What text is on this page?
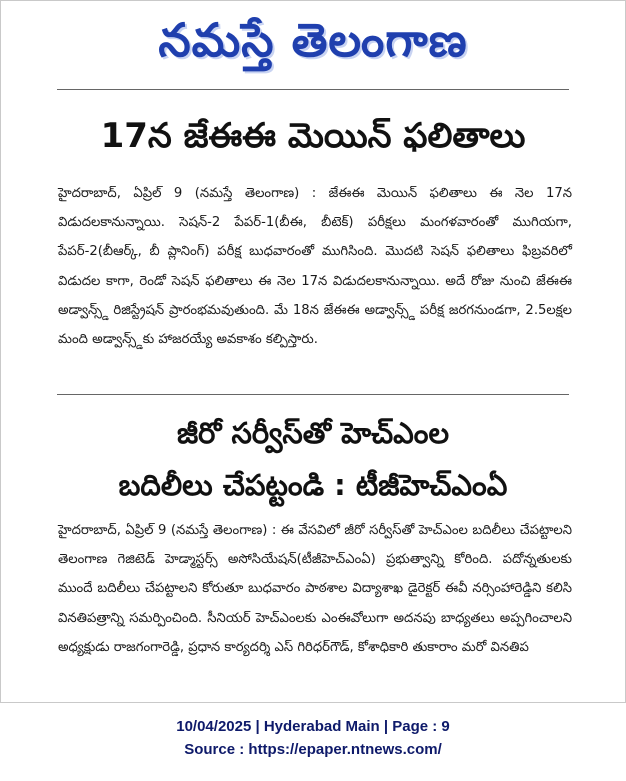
నమస్తే తెలంగాణ
17న జేఈఈ మెయిన్ ఫలితాలు
హైదరాబాద్, ఏప్రిల్ 9 (నమస్తే తెలంగాణ) : జేఈఈ మెయిన్ ఫలితాలు ఈ నెల 17న విడుదలకానున్నాయి. సెషన్-2 పేపర్-1(బీఈ, బీటెక్) పరీక్షలు మంగళవారంతో ముగియగా, పేపర్-2(బీఆర్క్, బీ ప్లానింగ్) పరీక్ష బుధవారంతో ముగిసింది. మొదటి సెషన్ ఫలితాలు ఫిబ్రవరిలో విడుదల కాగా, రెండో సెషన్ ఫలితాలు ఈ నెల 17న విడుదలకానున్నాయి. అదే రోజు నుంచి జేఈఈ అడ్వాన్స్డ్ రిజిస్ట్రేషన్ ప్రారంభమవుతుంది. మే 18న జేఈఈ అడ్వాన్స్డ్ పరీక్ష జరగనుండగా, 2.5లక్షల మంది అడ్వాన్స్డ్‌కు హాజరయ్యే అవకాశం కల్పిస్తారు.
జీరో సర్వీస్‌తో హెచ్ఎంల
బదిలీలు చేపట్టండి : టీజీహెచ్ఎంఏ
హైదరాబాద్, ఏప్రిల్ 9 (నమస్తే తెలంగాణ) : ఈ వేసవిలో జీరో సర్వీస్‌తో హెచ్ఎంల బదిలీలు చేపట్టాలని తెలంగాణ గెజిటెడ్ హెడ్మాస్టర్స్ అసోసియేషన్(టీజీహెచ్ఎంఏ) ప్రభుత్వాన్ని కోరింది. పదోన్నతులకు ముందే బదిలీలు చేపట్టాలని కోరుతూ బుధవారం పాఠశాల విద్యాశాఖ డైరెక్టర్ ఈవీ నర్సింహారెడ్డిని కలిసి వినతిపత్రాన్ని సమర్పించింది. సీనియర్ హెచ్ఎంలకు ఎంఈవోలుగా అదనపు బాధ్యతలు అప్పగించాలని అధ్యక్షుడు రాజగంగారెడ్డి, ప్రధాన కార్యదర్శి ఎస్ గిరిధర్‌గౌడ్, కోశాధికారి తుకారాం మరో వినతిప
10/04/2025 | Hyderabad Main | Page : 9
Source : https://epaper.ntnews.com/
